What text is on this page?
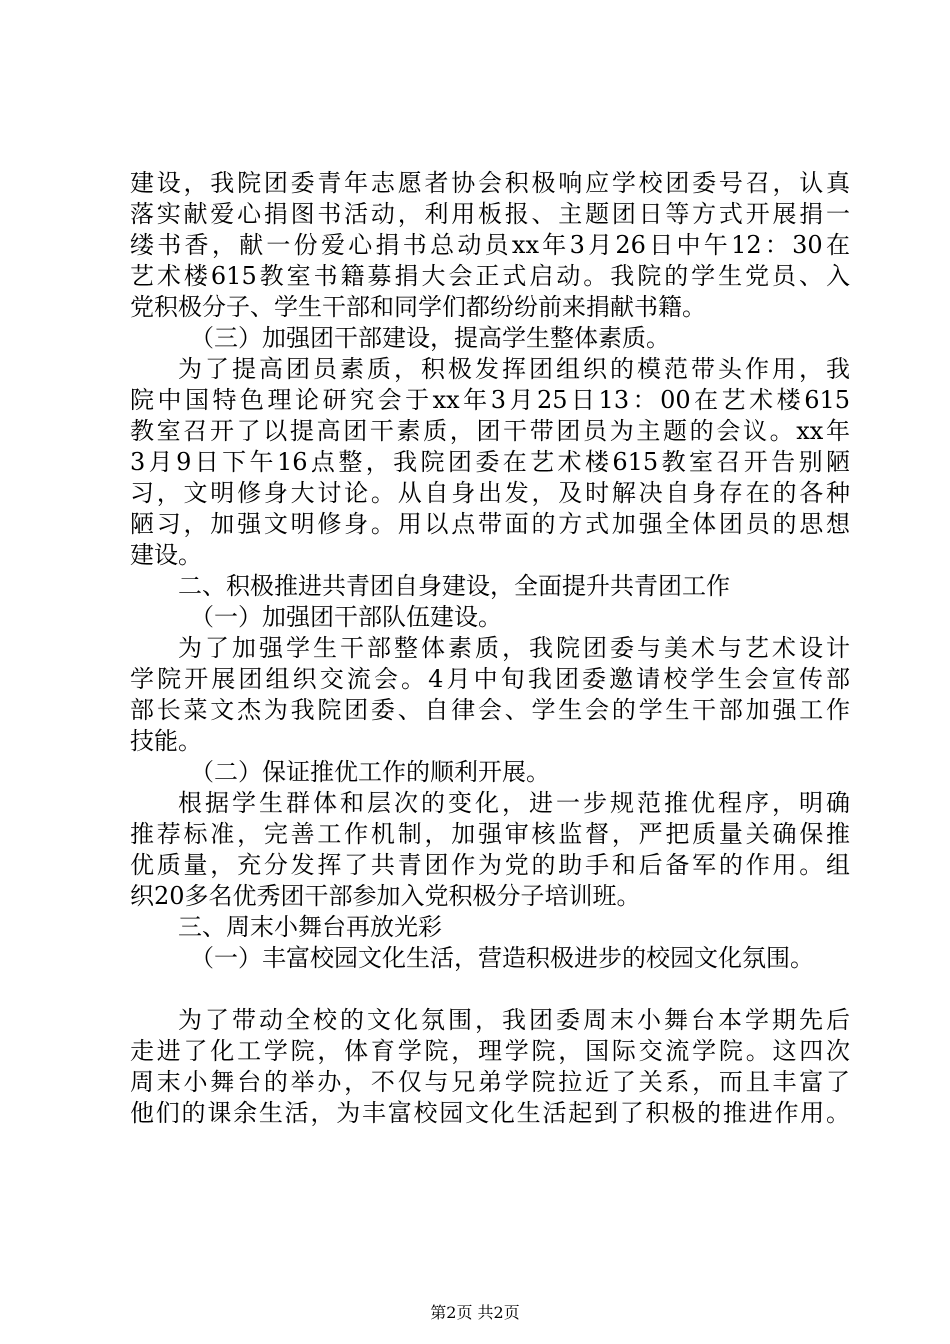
建设，我院团委青年志愿者协会积极响应学校团委号召，认真
落实献爱心捐图书活动，利用板报、主题团日等方式开展捐一
缕书香，献一份爱心捐书总动员xx年3月26日中午12：30在
艺术楼615教室书籍募捐大会正式启动。我院的学生党员、入
党积极分子、学生干部和同学们都纷纷前来捐献书籍。
（三）加强团干部建设，提高学生整体素质。
为了提高团员素质，积极发挥团组织的模范带头作用，我
院中国特色理论研究会于xx年3月25日13：00在艺术楼615
教室召开了以提高团干素质，团干带团员为主题的会议。xx年
3月9日下午16点整，我院团委在艺术楼615教室召开告别陋
习，文明修身大讨论。从自身出发，及时解决自身存在的各种
陋习，加强文明修身。用以点带面的方式加强全体团员的思想
建设。
二、积极推进共青团自身建设，全面提升共青团工作
（一）加强团干部队伍建设。
为了加强学生干部整体素质，我院团委与美术与艺术设计
学院开展团组织交流会。4月中旬我团委邀请校学生会宣传部
部长菜文杰为我院团委、自律会、学生会的学生干部加强工作
技能。
（二）保证推优工作的顺利开展。
根据学生群体和层次的变化，进一步规范推优程序，明确
推荐标准，完善工作机制，加强审核监督，严把质量关确保推
优质量，充分发挥了共青团作为党的助手和后备军的作用。组
织20多名优秀团干部参加入党积极分子培训班。
三、周末小舞台再放光彩
（一）丰富校园文化生活，营造积极进步的校园文化氛围。
为了带动全校的文化氛围，我团委周末小舞台本学期先后
走进了化工学院，体育学院，理学院，国际交流学院。这四次
周末小舞台的举办，不仅与兄弟学院拉近了关系，而且丰富了
他们的课余生活，为丰富校园文化生活起到了积极的推进作用。
第2页 共2页
